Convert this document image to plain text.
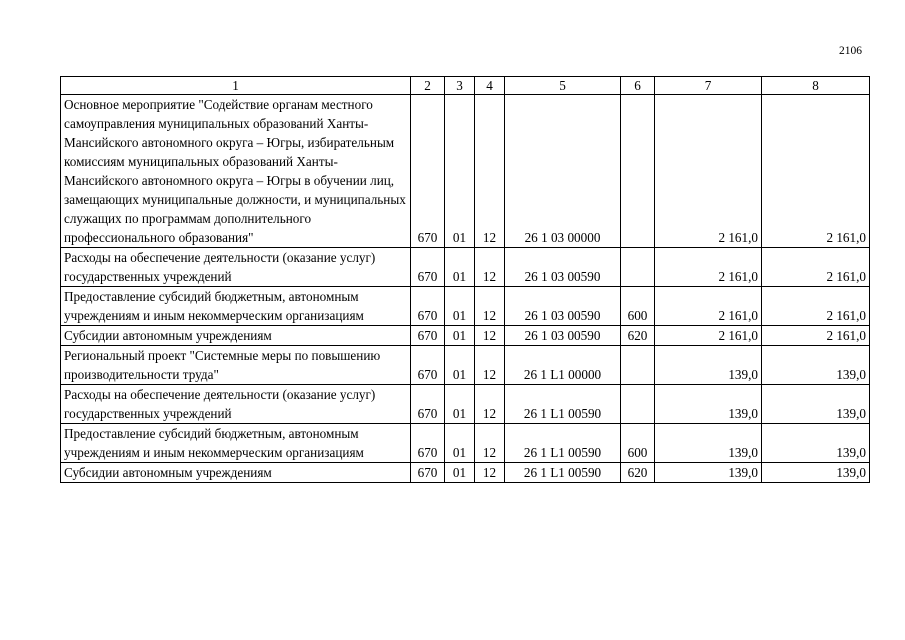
2106
1	2	3	4	5	6	7	8
Основное мероприятие "Содействие органам местного самоуправления муниципальных образований Ханты-Мансийского автономного округа – Югры, избирательным комиссиям муниципальных образований Ханты-Мансийского автономного округа – Югры в обучении лиц, замещающих муниципальные должности, и муниципальных служащих по программам дополнительного профессионального образования"	670	01	12	26 1 03 00000		2 161,0	2 161,0
Расходы на обеспечение деятельности (оказание услуг) государственных учреждений	670	01	12	26 1 03 00590		2 161,0	2 161,0
Предоставление субсидий бюджетным, автономным учреждениям и иным некоммерческим организациям	670	01	12	26 1 03 00590	600	2 161,0	2 161,0
Субсидии автономным учреждениям	670	01	12	26 1 03 00590	620	2 161,0	2 161,0
Региональный проект "Системные меры по повышению производительности труда"	670	01	12	26 1 L1 00000		139,0	139,0
Расходы на обеспечение деятельности (оказание услуг) государственных учреждений	670	01	12	26 1 L1 00590		139,0	139,0
Предоставление субсидий бюджетным, автономным учреждениям и иным некоммерческим организациям	670	01	12	26 1 L1 00590	600	139,0	139,0
Субсидии автономным учреждениям	670	01	12	26 1 L1 00590	620	139,0	139,0
